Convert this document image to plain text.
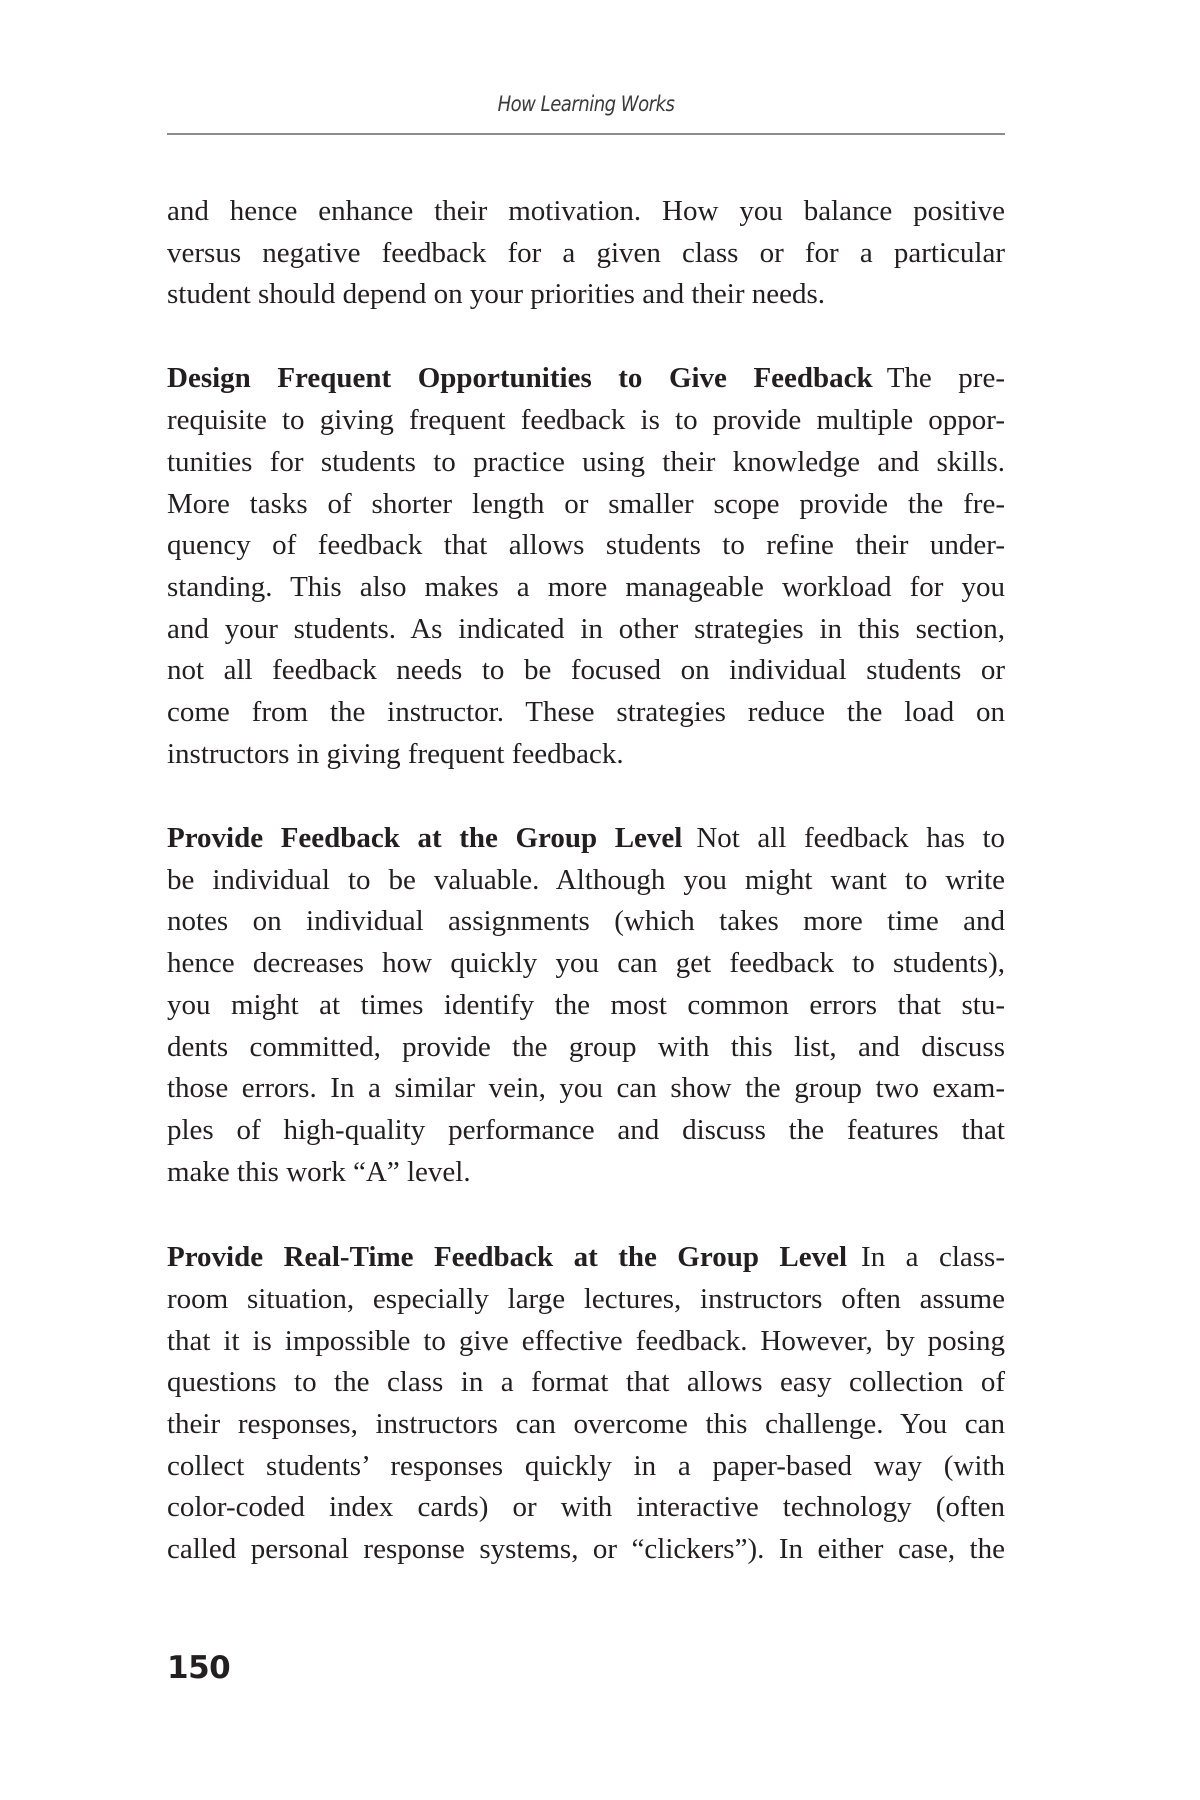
How Learning Works
and hence enhance their motivation. How you balance positive
versus negative feedback for a given class or for a particular
student should depend on your priorities and their needs.
Design Frequent Opportunities to Give Feedback The pre-
requisite to giving frequent feedback is to provide multiple oppor-
tunities for students to practice using their knowledge and skills.
More tasks of shorter length or smaller scope provide the fre-
quency of feedback that allows students to refine their under-
standing. This also makes a more manageable workload for you
and your students. As indicated in other strategies in this section,
not all feedback needs to be focused on individual students or
come from the instructor. These strategies reduce the load on
instructors in giving frequent feedback.
Provide Feedback at the Group Level Not all feedback has to
be individual to be valuable. Although you might want to write
notes on individual assignments (which takes more time and
hence decreases how quickly you can get feedback to students),
you might at times identify the most common errors that stu-
dents committed, provide the group with this list, and discuss
those errors. In a similar vein, you can show the group two exam-
ples of high-quality performance and discuss the features that
make this work “A” level.
Provide Real-Time Feedback at the Group Level In a class-
room situation, especially large lectures, instructors often assume
that it is impossible to give effective feedback. However, by posing
questions to the class in a format that allows easy collection of
their responses, instructors can overcome this challenge. You can
collect students’ responses quickly in a paper-based way (with
color-coded index cards) or with interactive technology (often
called personal response systems, or “clickers”). In either case, the
150
